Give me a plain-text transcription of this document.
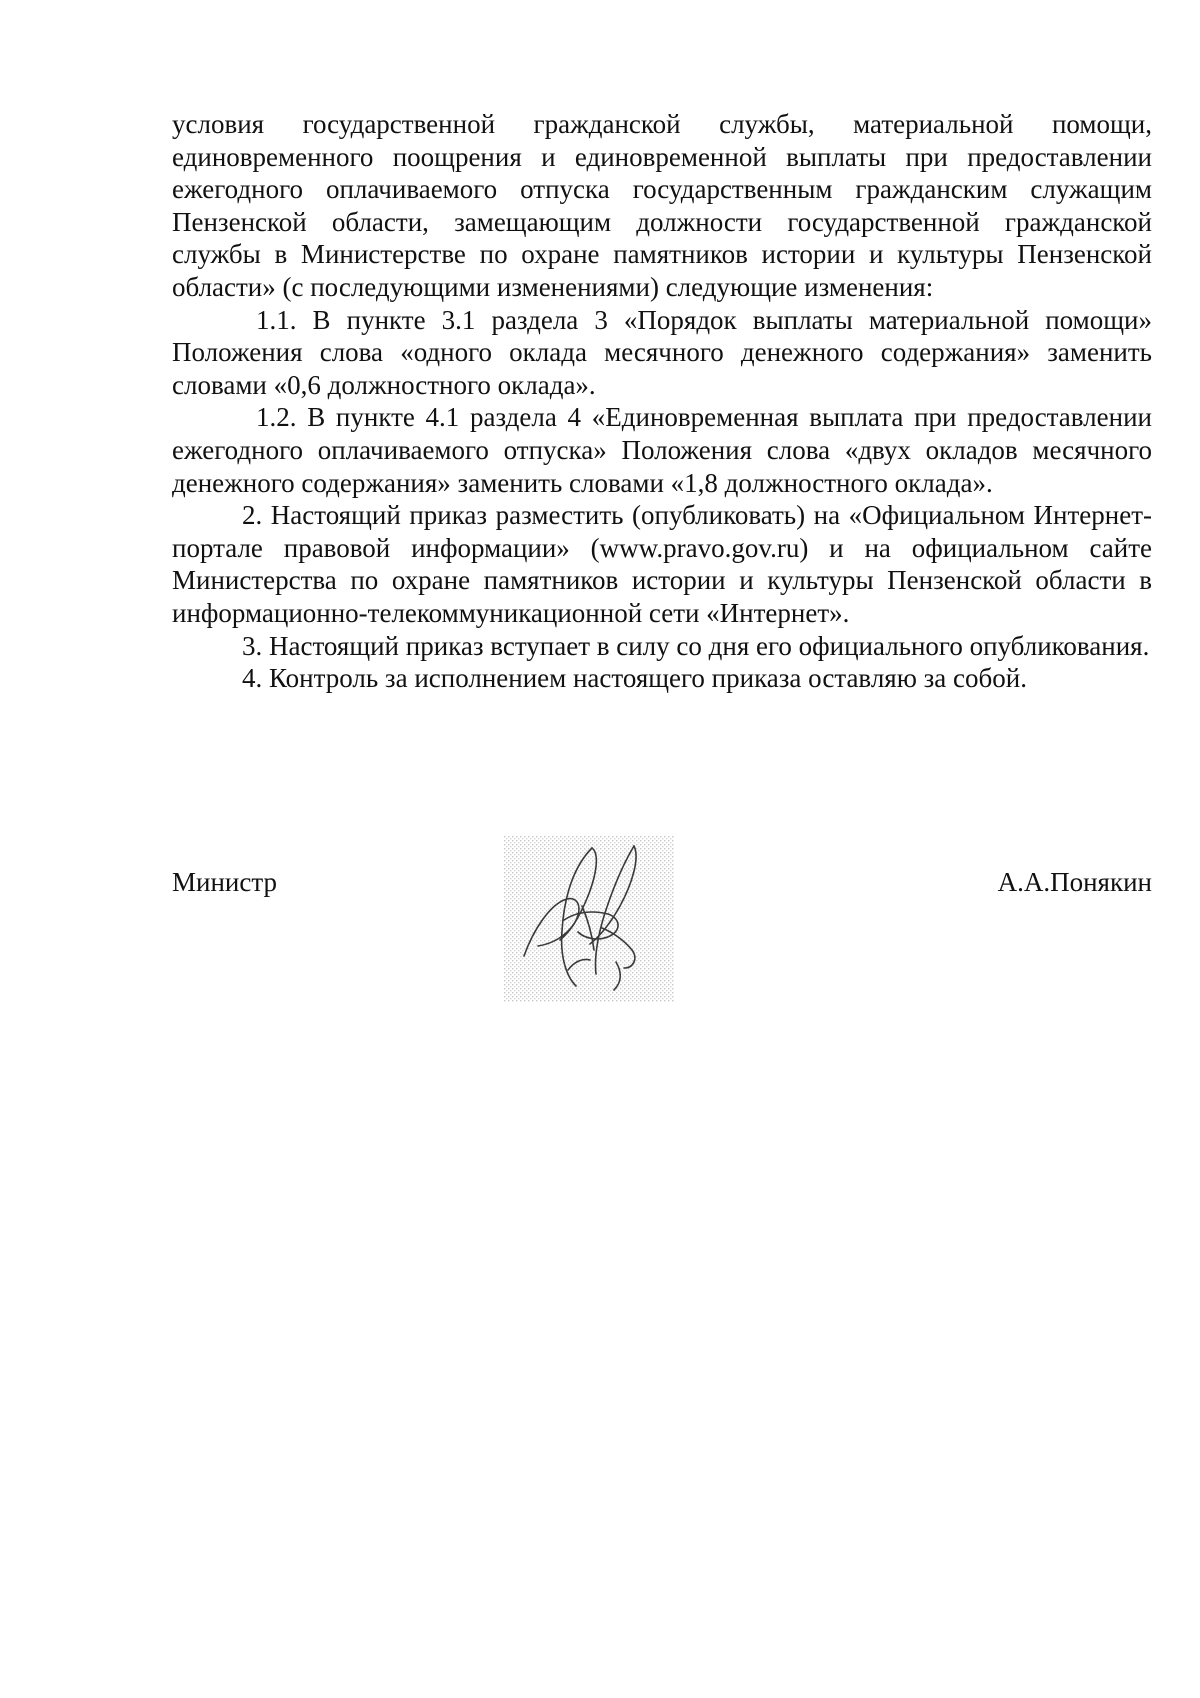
условия государственной гражданской службы, материальной помощи, единовременного поощрения и единовременной выплаты при предоставлении ежегодного оплачиваемого отпуска государственным гражданским служащим Пензенской области, замещающим должности государственной гражданской службы в Министерстве по охране памятников истории и культуры Пензенской области» (с последующими изменениями) следующие изменения:

1.1. В пункте 3.1 раздела 3 «Порядок выплаты материальной помощи» Положения слова «одного оклада месячного денежного содержания» заменить словами «0,6 должностного оклада».

1.2. В пункте 4.1 раздела 4 «Единовременная выплата при предоставлении ежегодного оплачиваемого отпуска» Положения слова «двух окладов месячного денежного содержания» заменить словами «1,8 должностного оклада».

2. Настоящий приказ разместить (опубликовать) на «Официальном Интернет-портале правовой информации» (www.pravo.gov.ru) и на официальном сайте Министерства по охране памятников истории и культуры Пензенской области в информационно-телекоммуникационной сети «Интернет».

3. Настоящий приказ вступает в силу со дня его официального опубликования.

4. Контроль за исполнением настоящего приказа оставляю за собой.

Министр	А.А.Понякин
